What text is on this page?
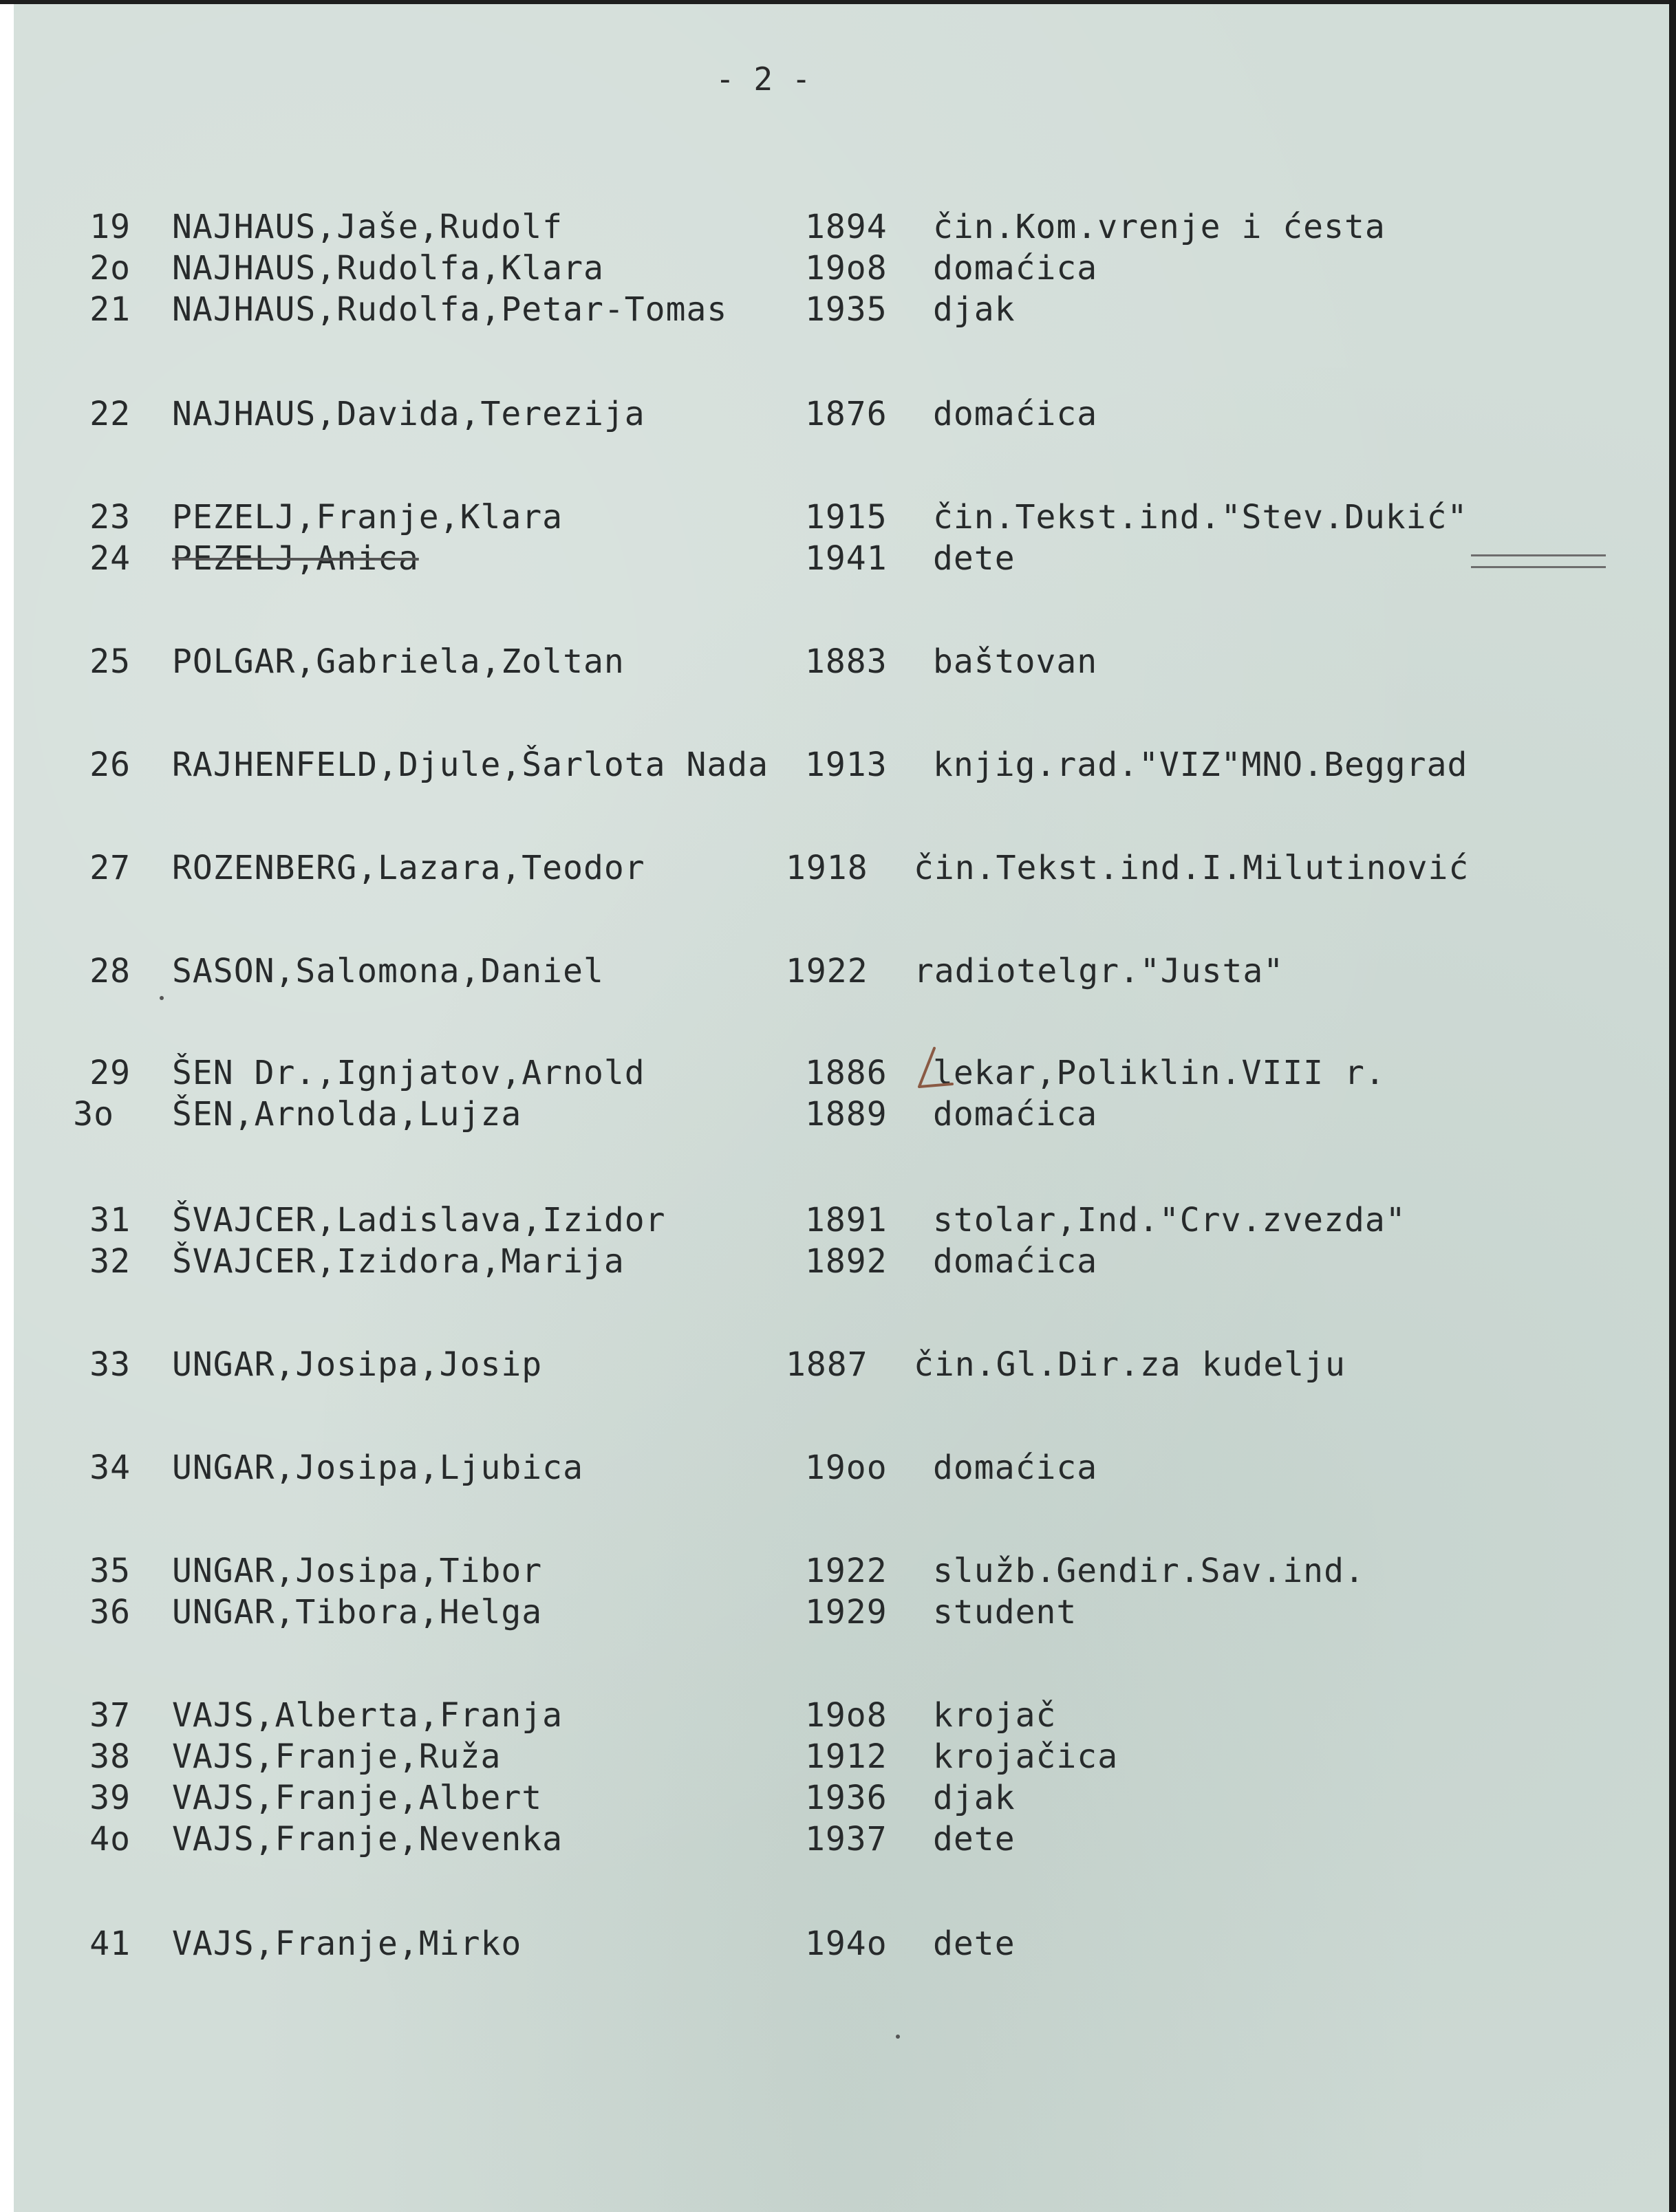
- 2 -
19 NAJHAUS,Jaše,Rudolf	1894 čin.Kom.vrenje i ćesta
2o NAJHAUS,Rudolfa,Klara	19o8 domaćica
21 NAJHAUS,Rudolfa,Petar-Tomas 1935 djak
22 NAJHAUS,Davida,Terezija	1876 domaćica
23 PEZELJ,Franje,Klara	1915 čin.Tekst.ind."Stev.Dukić"
24 PEZELJ,Anica	1941 dete
25 POLGAR,Gabriela,Zoltan	1883 baštovan
26 RAJHENFELD,Djule,Šarlota Nada 1913 knjig.rad."VIZ"MNO.Beggrad
27 ROZENBERG,Lazara,Teodor	1918 čin.Tekst.ind.I.Milutinović
28 SASON,Salomona,Daniel	1922 radiotelgr."Justa"
29 ŠEN Dr.,Ignjatov,Arnold	1886 lekar,Poliklin.VIII r.
3o ŠEN,Arnolda,Lujza	1889 domaćica
31 ŠVAJCER,Ladislava,Izidor	1891 stolar,Ind."Crv.zvezda"
32 ŠVAJCER,Izidora,Marija	1892 domaćica
33 UNGAR,Josipa,Josip	1887 čin.Gl.Dir.za kudelju
34 UNGAR,Josipa,Ljubica	19oo domaćica
35 UNGAR,Josipa,Tibor	1922 služb.Gendir.Sav.ind.
36 UNGAR,Tibora,Helga	1929 student
37 VAJS,Alberta,Franja	19o8 krojač
38 VAJS,Franje,Ruža	1912 krojačica
39 VAJS,Franje,Albert	1936 djak
4o VAJS,Franje,Nevenka	1937 dete
41 VAJS,Franje,Mirko	194o dete
